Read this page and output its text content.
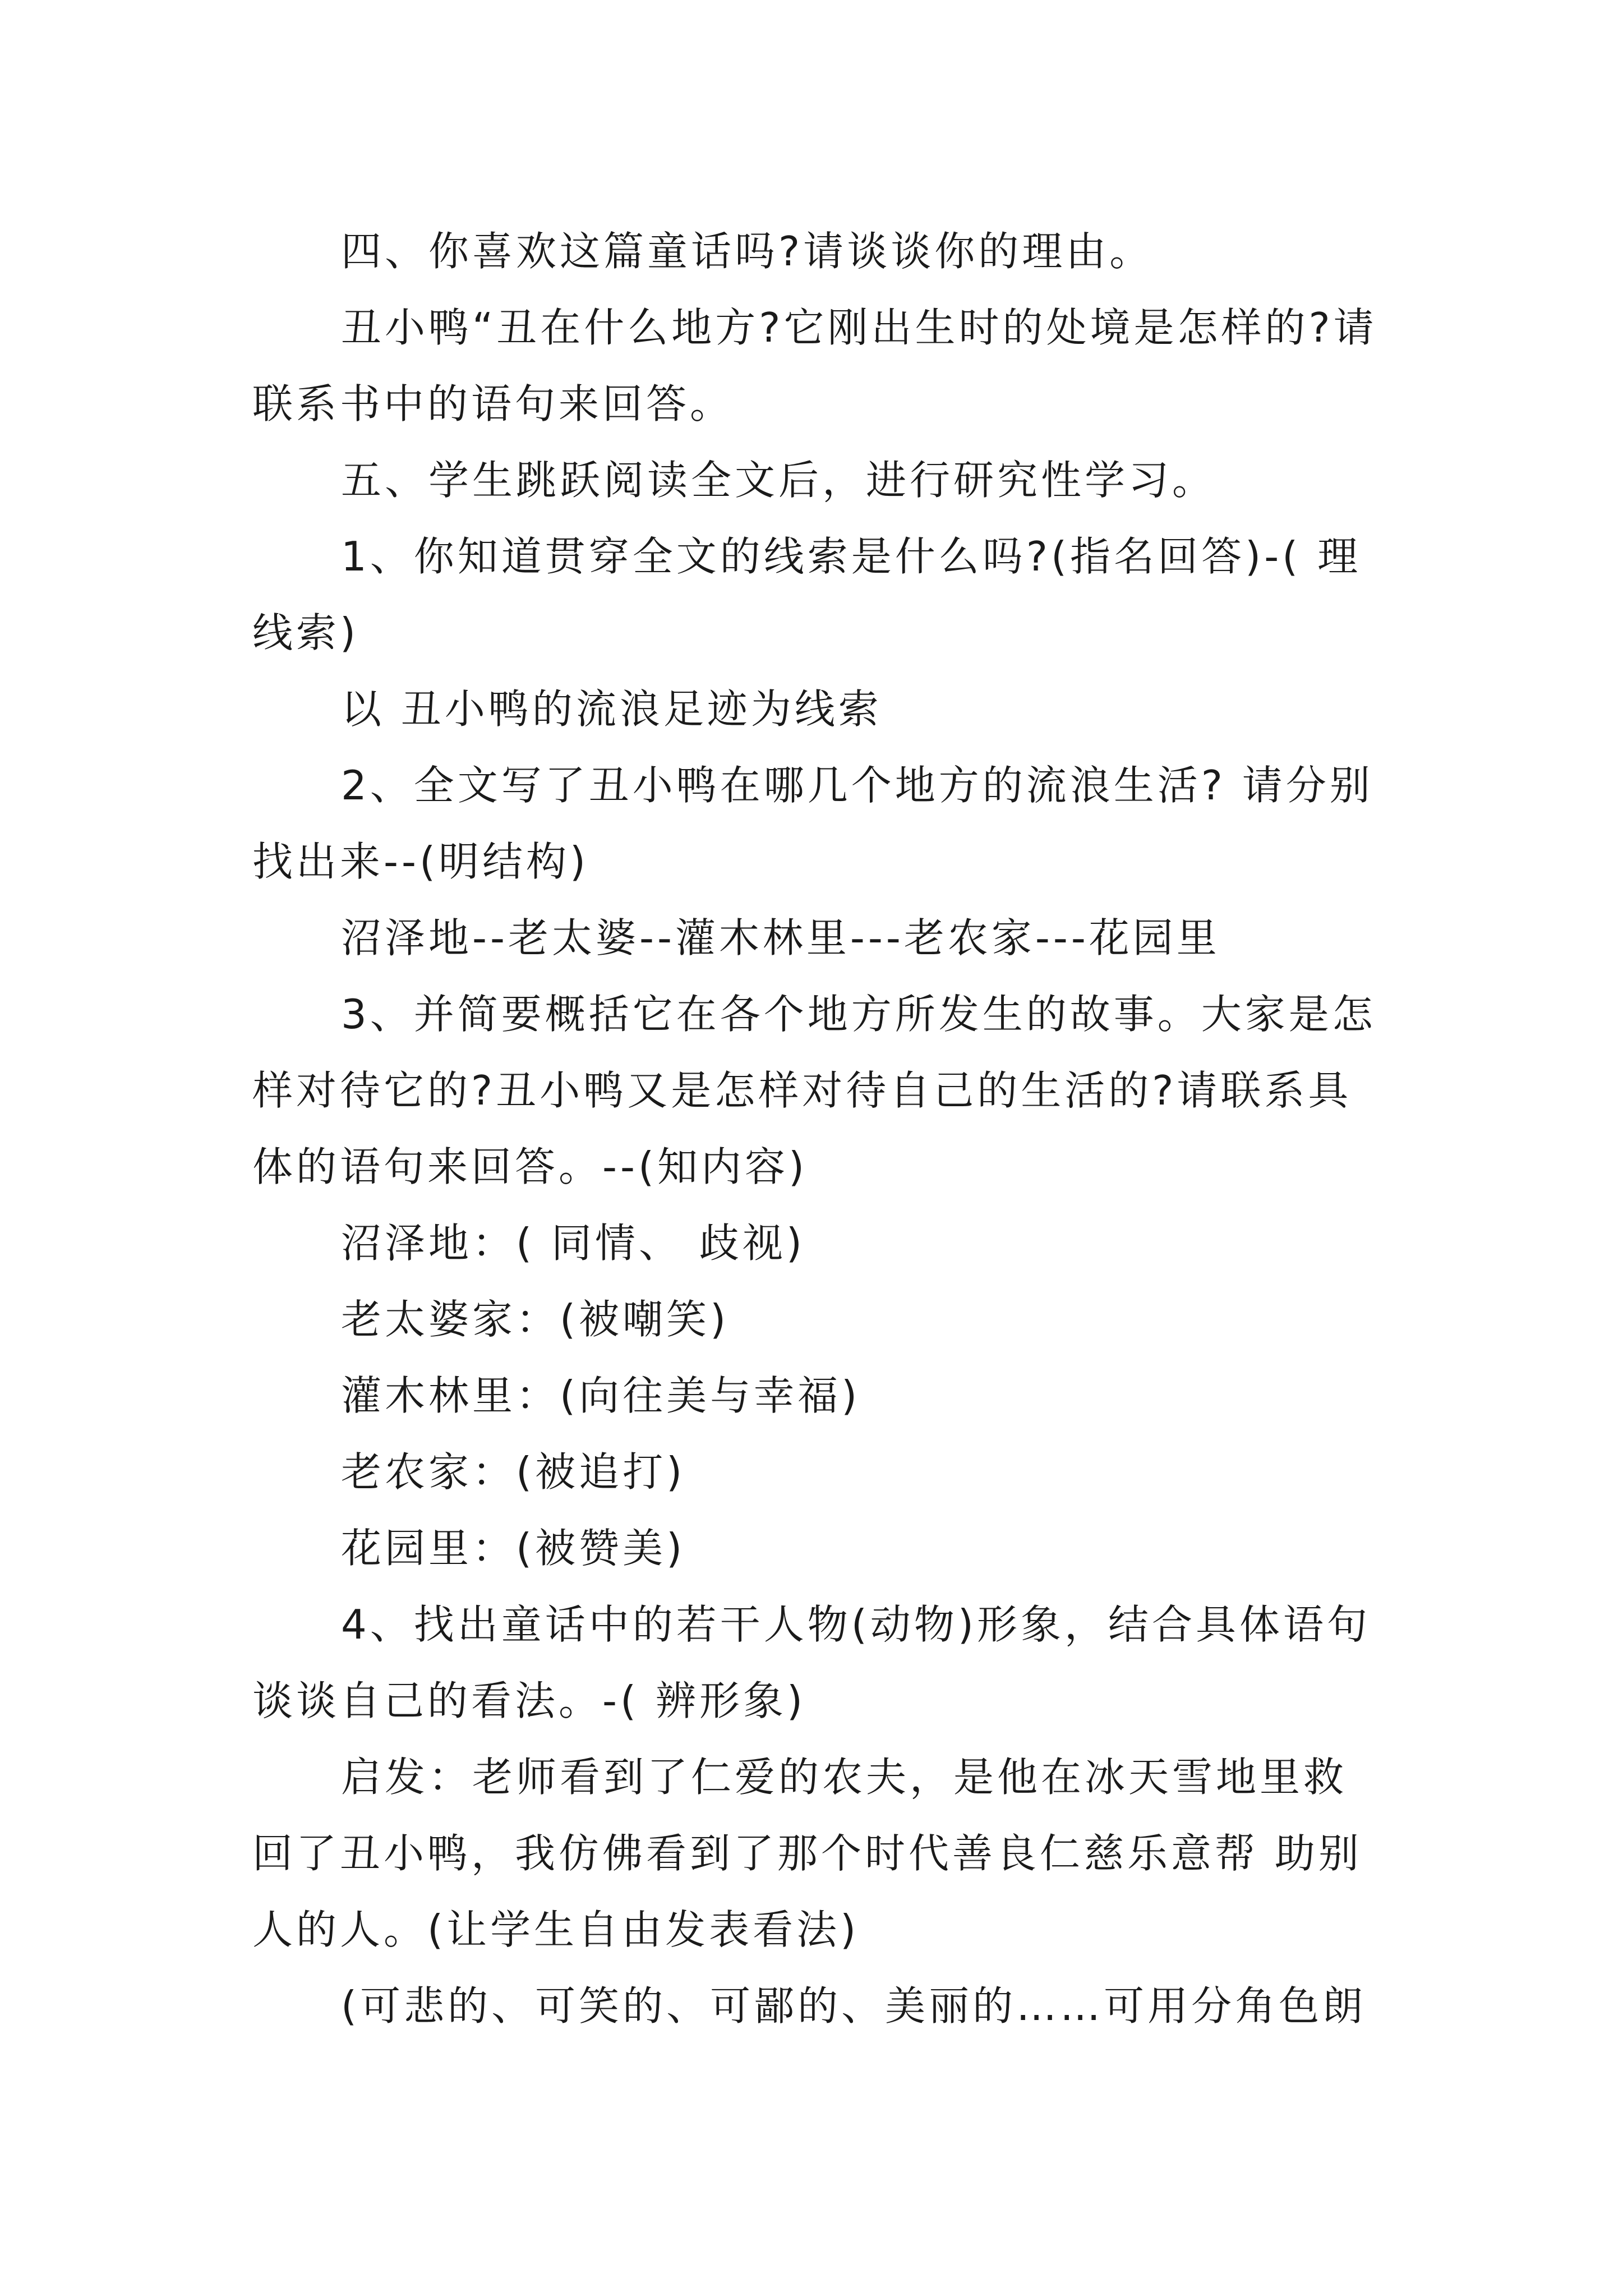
四、你喜欢这篇童话吗?请谈谈你的理由。

丑小鸭“丑在什么地方?它刚出生时的处境是怎样的?请联系书中的语句来回答。

五、学生跳跃阅读全文后，进行研究性学习。

1、你知道贯穿全文的线索是什么吗?(指名回答)-( 理线索)

以 丑小鸭的流浪足迹为线索

2、全文写了丑小鸭在哪几个地方的流浪生活? 请分别找出来--(明结构)

沼泽地--老太婆--灌木林里---老农家---花园里

3、并简要概括它在各个地方所发生的故事。大家是怎样对待它的?丑小鸭又是怎样对待自己的生活的?请联系具体的语句来回答。--(知内容)

沼泽地：( 同情、 歧视)

老太婆家：(被嘲笑)

灌木林里：(向往美与幸福)

老农家：(被追打)

花园里：(被赞美)

4、找出童话中的若干人物(动物)形象，结合具体语句谈谈自己的看法。-( 辨形象)

启发：老师看到了仁爱的农夫，是他在冰天雪地里救回了丑小鸭，我仿佛看到了那个时代善良仁慈乐意帮 助别人的人。(让学生自由发表看法)

(可悲的、可笑的、可鄙的、美丽的……可用分角色朗
